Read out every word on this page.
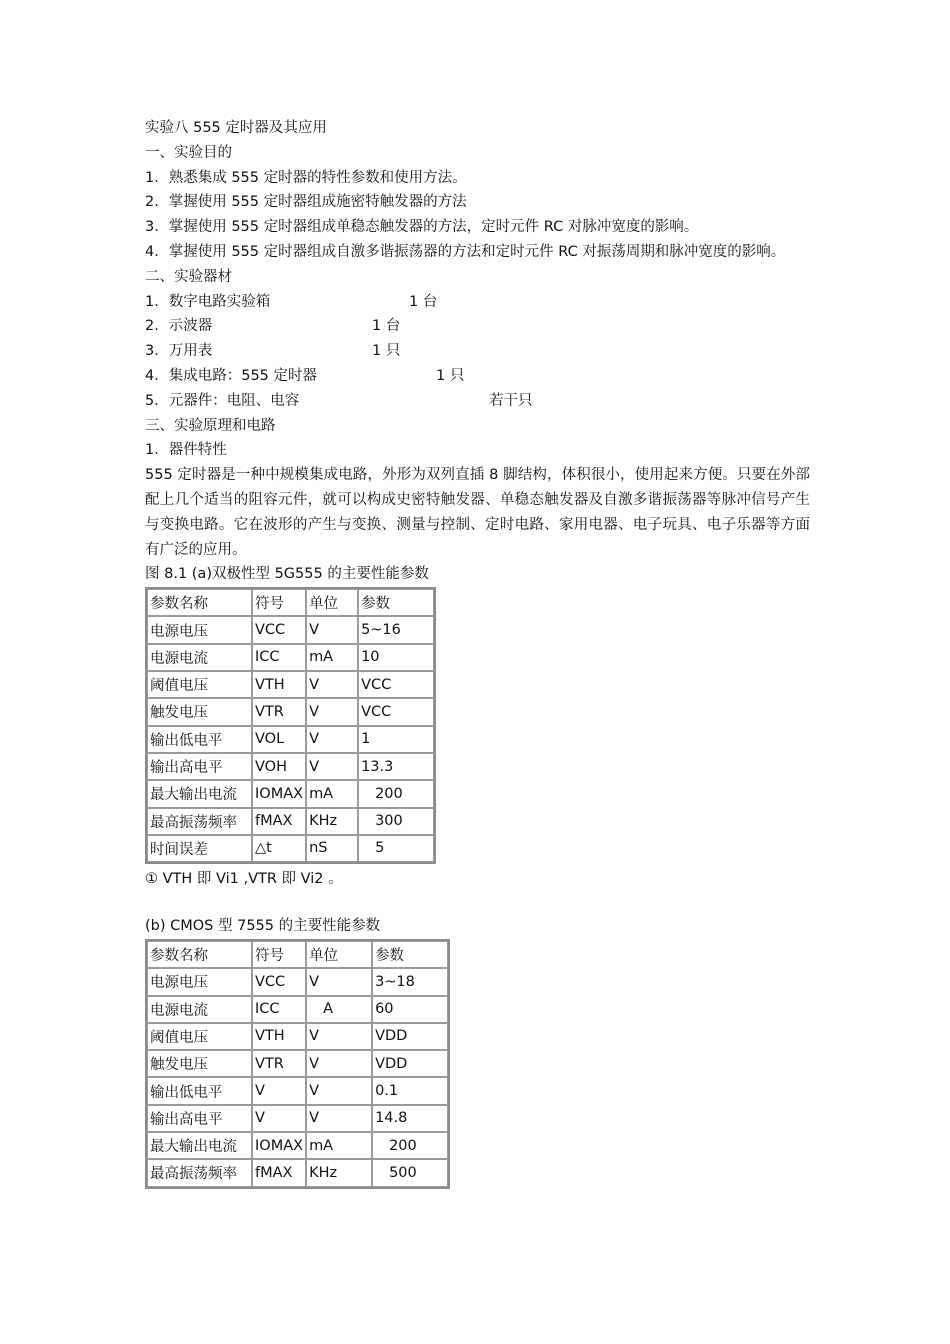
实验八 555 定时器及其应用
一、实验目的
1．熟悉集成 555 定时器的特性参数和使用方法。
2．掌握使用 555 定时器组成施密特触发器的方法
3．掌握使用 555 定时器组成单稳态触发器的方法，定时元件 RC 对脉冲宽度的影响。
4．掌握使用 555 定时器组成自激多谐振荡器的方法和定时元件 RC 对振荡周期和脉冲宽度的影响。
二、实验器材
1．数字电路实验箱	1 台
2．示波器	1 台
3．万用表	1 只
4．集成电路：555 定时器	1 只
5．元器件：电阻、电容	若干只
三、实验原理和电路
1．器件特性
555 定时器是一种中规模集成电路，外形为双列直插 8 脚结构，体积很小，使用起来方便。只要在外部配上几个适当的阻容元件，就可以构成史密特触发器、单稳态触发器及自激多谐振荡器等脉冲信号产生与变换电路。它在波形的产生与变换、测量与控制、定时电路、家用电器、电子玩具、电子乐器等方面有广泛的应用。
图 8.1 (a)双极性型 5G555 的主要性能参数
参数名称	符号	单位	参数
电源电压	VCC	V	5~16
电源电流	ICC	mA	10
阈值电压	VTH	V	VCC
触发电压	VTR	V	VCC
输出低电平	VOL	V	1
输出高电平	VOH	V	13.3
最大输出电流	IOMAX	mA	200
最高振荡频率	fMAX	KHz	300
时间误差	△t	nS	5
① VTH 即 Vi1 ,VTR 即 Vi2 。
(b) CMOS 型 7555 的主要性能参数
参数名称	符号	单位	参数
电源电压	VCC	V	3~18
电源电流	ICC	A	60
阈值电压	VTH	V	VDD
触发电压	VTR	V	VDD
输出低电平	V	V	0.1
输出高电平	V	V	14.8
最大输出电流	IOMAX	mA	200
最高振荡频率	fMAX	KHz	500
